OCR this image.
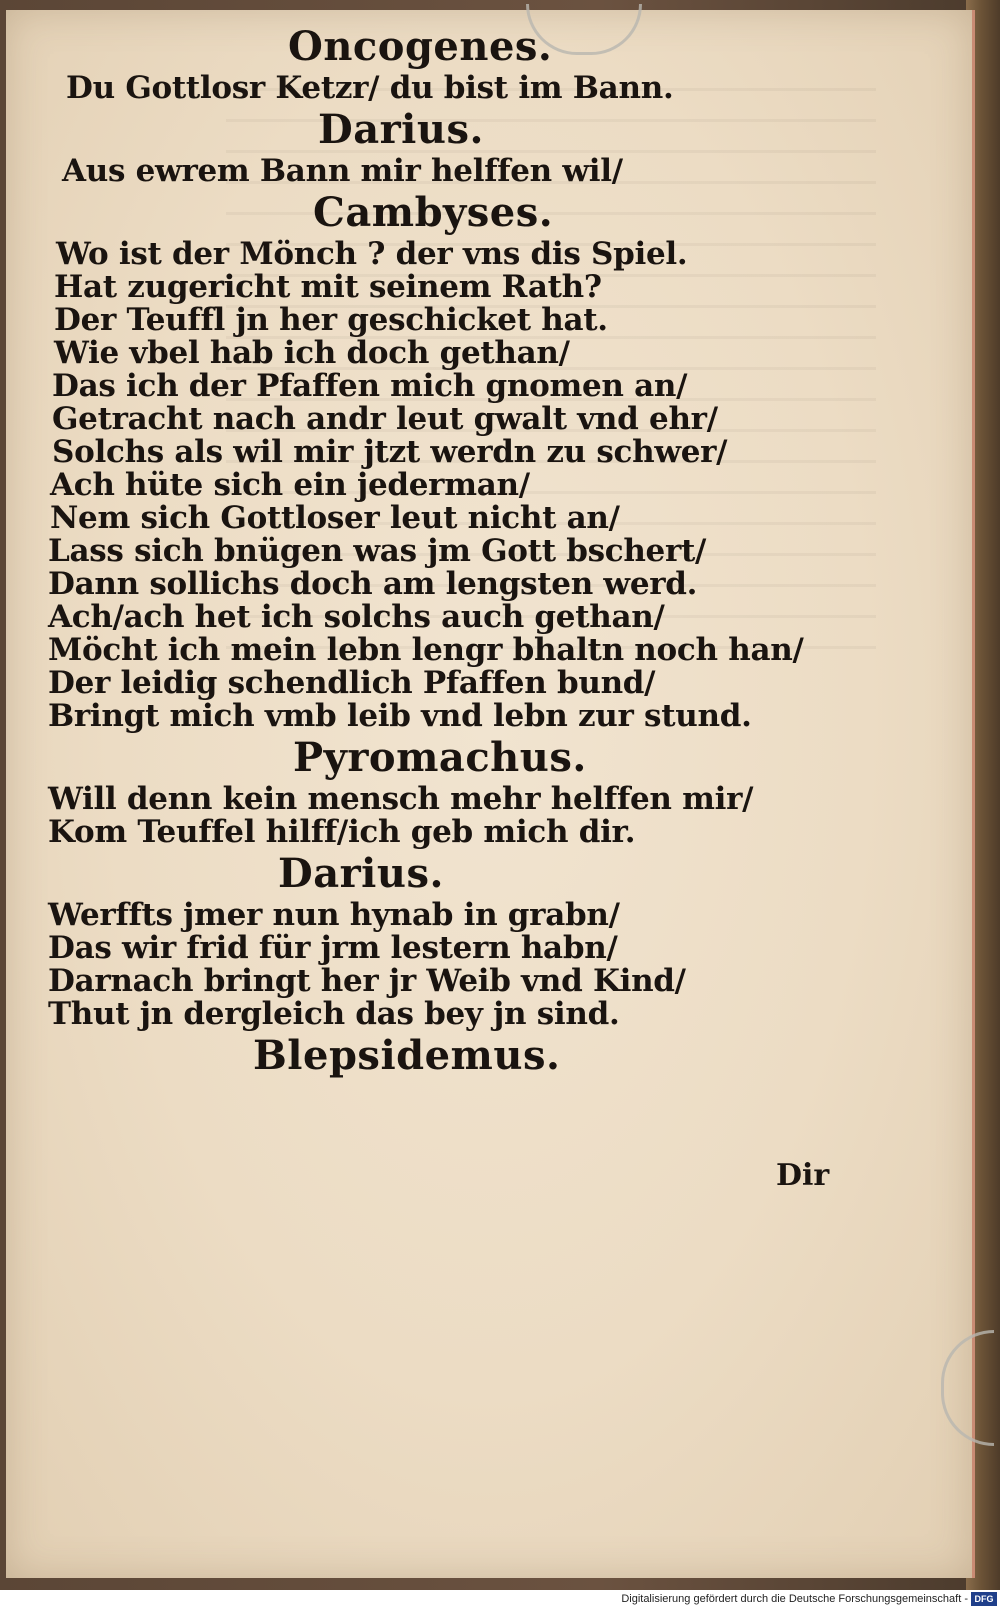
Oncogenes.
Du Gottlosr Ketzr/ du bist im Bann.
Darius.
Aus ewrem Bann mir helffen wil/
Cambyses.
Wo ist der Mönch ? der vns dis Spiel.
Hat zugericht mit seinem Rath?
Der Teuffl jn her geschicket hat.
Wie vbel hab ich doch gethan/
Das ich der Pfaffen mich gnomen an/
Getracht nach andr leut gwalt vnd ehr/
Solchs als wil mir jtzt werdn zu schwer/
Ach hüte sich ein jederman/
Nem sich Gottloser leut nicht an/
Lass sich bnügen was jm Gott bschert/
Dann sollichs doch am lengsten werd.
Ach/ach het ich solchs auch gethan/
Möcht ich mein lebn lengr bhaltn noch han/
Der leidig schendlich Pfaffen bund/
Bringt mich vmb leib vnd lebn zur stund.
Pyromachus.
Will denn kein mensch mehr helffen mir/
Kom Teuffel hilff/ich geb mich dir.
Darius.
Werffts jmer nun hynab in grabn/
Das wir frid für jrm lestern habn/
Darnach bringt her jr Weib vnd Kind/
Thut jn dergleich das bey jn sind.
Blepsidemus.
Dir
Digitalisierung gefördert durch die Deutsche Forschungsgemeinschaft - DFG
